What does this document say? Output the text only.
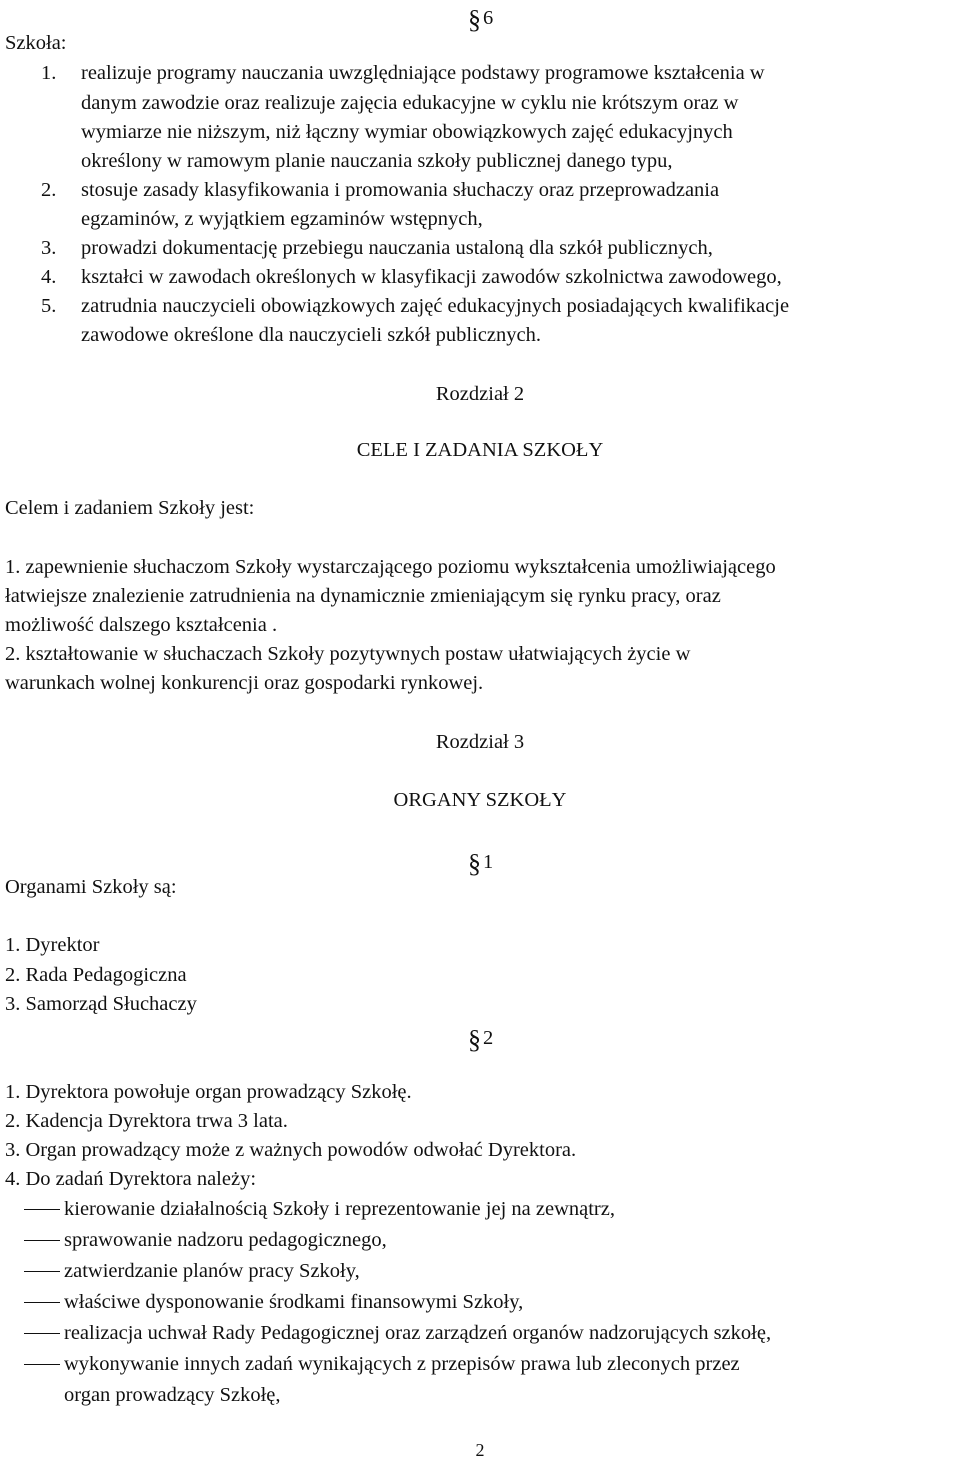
§6
Szkoła:
1. realizuje programy nauczania uwzględniające podstawy programowe kształcenia w
danym zawodzie oraz realizuje zajęcia edukacyjne w cyklu nie krótszym oraz w
wymiarze nie niższym, niż łączny wymiar obowiązkowych zajęć edukacyjnych
określony w ramowym planie nauczania szkoły publicznej danego typu,
2. stosuje zasady klasyfikowania i promowania słuchaczy oraz przeprowadzania
egzaminów, z wyjątkiem egzaminów wstępnych,
3. prowadzi dokumentację przebiegu nauczania ustaloną dla szkół publicznych,
4. kształci w zawodach określonych w klasyfikacji zawodów szkolnictwa zawodowego,
5. zatrudnia nauczycieli obowiązkowych zajęć edukacyjnych posiadających kwalifikacje
zawodowe określone dla nauczycieli szkół publicznych.
Rozdział 2
CELE I ZADANIA SZKOŁY
Celem i zadaniem Szkoły jest:
1. zapewnienie słuchaczom Szkoły wystarczającego poziomu wykształcenia umożliwiającego
łatwiejsze znalezienie zatrudnienia na dynamicznie zmieniającym się rynku pracy, oraz
możliwość dalszego kształcenia .
2. kształtowanie w słuchaczach Szkoły pozytywnych postaw ułatwiających życie w
warunkach wolnej konkurencji oraz gospodarki rynkowej.
Rozdział 3
ORGANY SZKOŁY
§1
Organami Szkoły są:
1. Dyrektor
2. Rada Pedagogiczna
3. Samorząd Słuchaczy
§2
1. Dyrektora powołuje organ prowadzący Szkołę.
2. Kadencja Dyrektora trwa 3 lata.
3. Organ prowadzący może z ważnych powodów odwołać Dyrektora.
4. Do zadań Dyrektora należy:
kierowanie działalnością Szkoły i reprezentowanie jej na zewnątrz,
sprawowanie nadzoru pedagogicznego,
zatwierdzanie planów pracy Szkoły,
właściwe dysponowanie środkami finansowymi Szkoły,
realizacja uchwał Rady Pedagogicznej oraz zarządzeń organów nadzorujących szkołę,
wykonywanie innych zadań wynikających z przepisów prawa lub zleconych przez
organ prowadzący Szkołę,
2
